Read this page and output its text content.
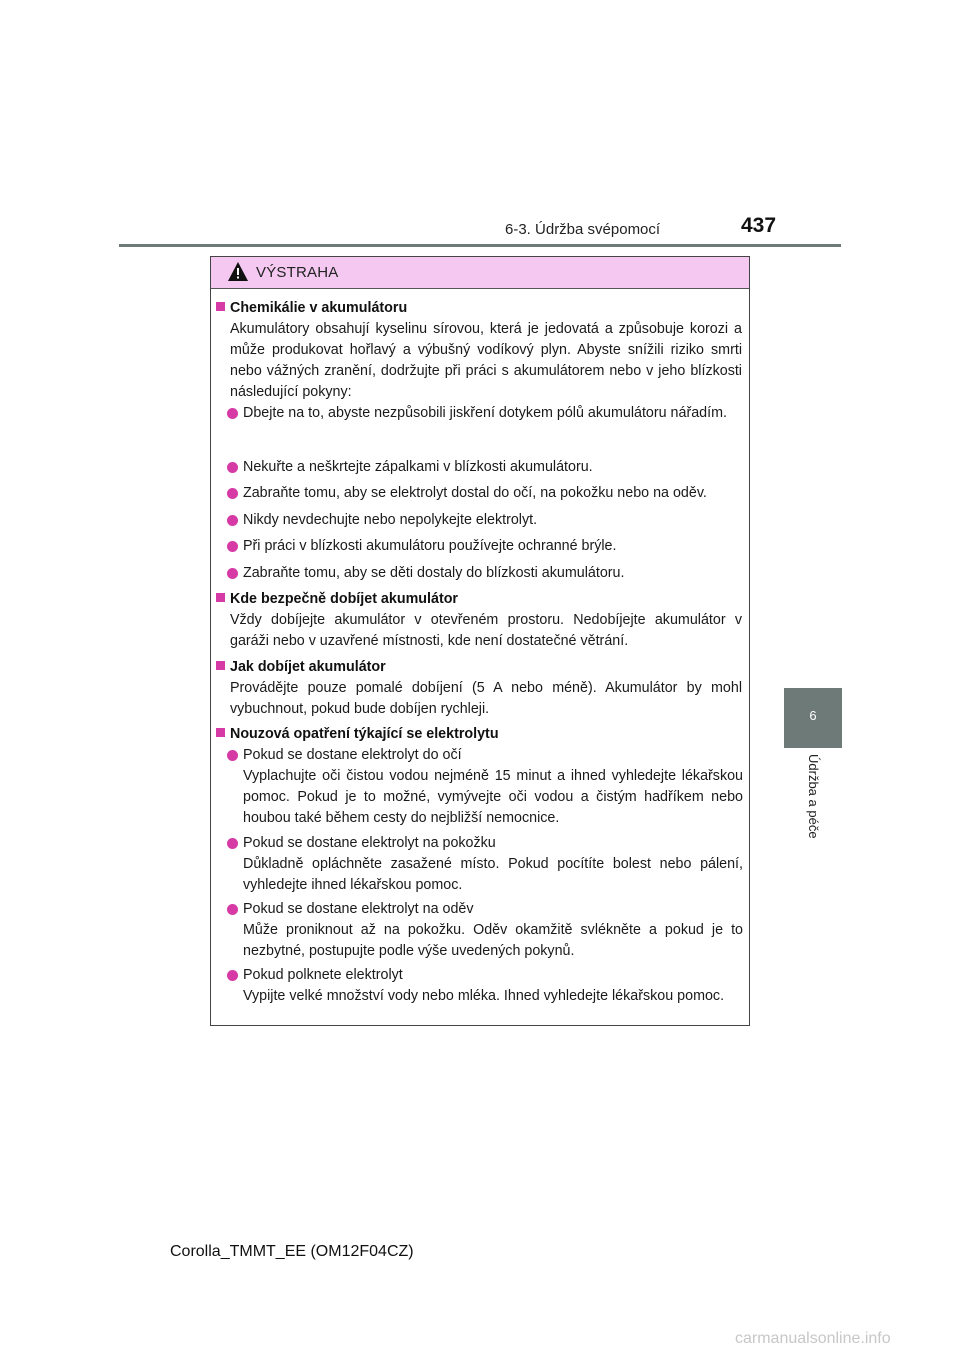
6-3. Údržba svépomocí	437
6
Údržba a péče
VÝSTRAHA
Chemikálie v akumulátoru
Akumulátory obsahují kyselinu sírovou, která je jedovatá a způsobuje korozi a může produkovat hořlavý a výbušný vodíkový plyn. Abyste snížili riziko smrti nebo vážných zranění, dodržujte při práci s akumulátorem nebo v jeho blízkosti následující pokyny:
Dbejte na to, abyste nezpůsobili jiskření dotykem pólů akumulátoru nářadím.
Nekuřte a neškrtejte zápalkami v blízkosti akumulátoru.
Zabraňte tomu, aby se elektrolyt dostal do očí, na pokožku nebo na oděv.
Nikdy nevdechujte nebo nepolykejte elektrolyt.
Při práci v blízkosti akumulátoru používejte ochranné brýle.
Zabraňte tomu, aby se děti dostaly do blízkosti akumulátoru.
Kde bezpečně dobíjet akumulátor
Vždy dobíjejte akumulátor v otevřeném prostoru. Nedobíjejte akumulátor v garáži nebo v uzavřené místnosti, kde není dostatečné větrání.
Jak dobíjet akumulátor
Provádějte pouze pomalé dobíjení (5 A nebo méně). Akumulátor by mohl vybuchnout, pokud bude dobíjen rychleji.
Nouzová opatření týkající se elektrolytu
Pokud se dostane elektrolyt do očí
Vyplachujte oči čistou vodou nejméně 15 minut a ihned vyhledejte lékařskou pomoc. Pokud je to možné, vymývejte oči vodou a čistým hadříkem nebo houbou také během cesty do nejbližší nemocnice.
Pokud se dostane elektrolyt na pokožku
Důkladně opláchněte zasažené místo. Pokud pocítíte bolest nebo pálení, vyhledejte ihned lékařskou pomoc.
Pokud se dostane elektrolyt na oděv
Může proniknout až na pokožku. Oděv okamžitě svlékněte a pokud je to nezbytné, postupujte podle výše uvedených pokynů.
Pokud polknete elektrolyt
Vypijte velké množství vody nebo mléka. Ihned vyhledejte lékařskou pomoc.
Corolla_TMMT_EE (OM12F04CZ)
carmanualsonline.info
